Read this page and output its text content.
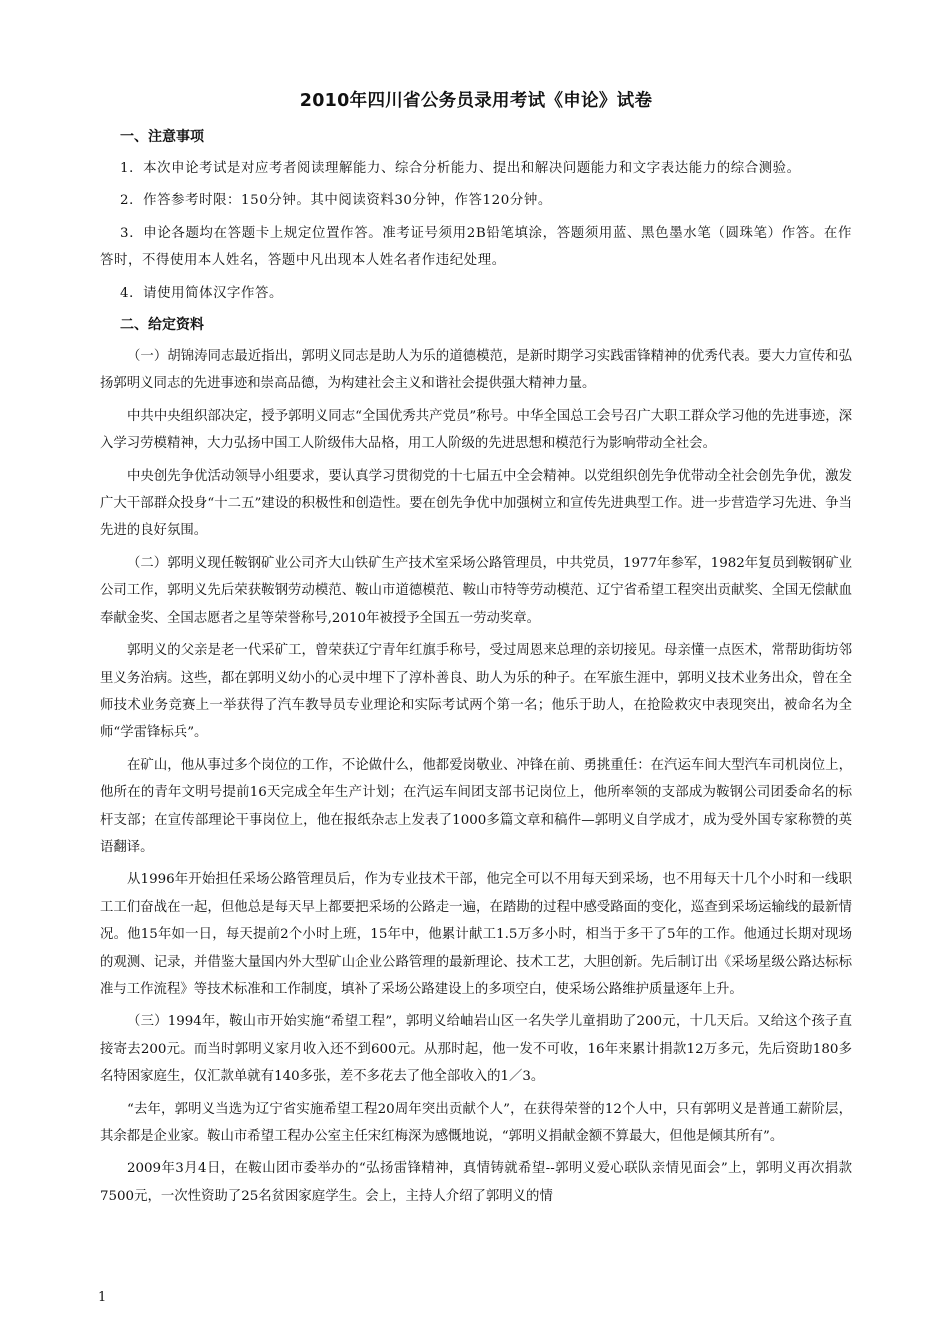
2010年四川省公务员录用考试《申论》试卷
一、注意事项

1．本次申论考试是对应考者阅读理解能力、综合分析能力、提出和解决问题能力和文字表达能力的综合测验。

2．作答参考时限：150分钟。其中阅读资料30分钟，作答120分钟。

3．申论各题均在答题卡上规定位置作答。准考证号须用2B铅笔填涂，答题须用蓝、黑色墨水笔（圆珠笔）作答。在作答时，不得使用本人姓名，答题中凡出现本人姓名者作违纪处理。

4．请使用简体汉字作答。

二、给定资料

（一）胡锦涛同志最近指出，郭明义同志是助人为乐的道德模范，是新时期学习实践雷锋精神的优秀代表。要大力宣传和弘扬郭明义同志的先进事迹和崇高品德，为构建社会主义和谐社会提供强大精神力量。

中共中央组织部决定，授予郭明义同志“全国优秀共产党员”称号。中华全国总工会号召广大职工群众学习他的先进事迹，深入学习劳模精神，大力弘扬中国工人阶级伟大品格，用工人阶级的先进思想和模范行为影响带动全社会。

中央创先争优活动领导小组要求，要认真学习贯彻党的十七届五中全会精神。以党组织创先争优带动全社会创先争优，激发广大干部群众投身“十二五”建设的积极性和创造性。要在创先争优中加强树立和宣传先进典型工作。进一步营造学习先进、争当先进的良好氛围。

（二）郭明义现任鞍钢矿业公司齐大山铁矿生产技术室采场公路管理员，中共党员，1977年参军，1982年复员到鞍钢矿业公司工作，郭明义先后荣获鞍钢劳动模范、鞍山市道德模范、鞍山市特等劳动模范、辽宁省希望工程突出贡献奖、全国无偿献血奉献金奖、全国志愿者之星等荣誉称号,2010年被授予全国五一劳动奖章。

郭明义的父亲是老一代采矿工，曾荣获辽宁青年红旗手称号，受过周恩来总理的亲切接见。母亲懂一点医术，常帮助街坊邻里义务治病。这些，都在郭明义幼小的心灵中埋下了淳朴善良、助人为乐的种子。在军旅生涯中，郭明义技术业务出众，曾在全师技术业务竞赛上一举获得了汽车教导员专业理论和实际考试两个第一名；他乐于助人，在抢险救灾中表现突出，被命名为全师“学雷锋标兵”。

在矿山，他从事过多个岗位的工作，不论做什么，他都爱岗敬业、冲锋在前、勇挑重任：在汽运车间大型汽车司机岗位上，他所在的青年文明号提前16天完成全年生产计划；在汽运车间团支部书记岗位上，他所率领的支部成为鞍钢公司团委命名的标杆支部；在宣传部理论干事岗位上，他在报纸杂志上发表了1000多篇文章和稿件—郭明义自学成才，成为受外国专家称赞的英语翻译。

从1996年开始担任采场公路管理员后，作为专业技术干部，他完全可以不用每天到采场，也不用每天十几个小时和一线职工工们奋战在一起，但他总是每天早上都要把采场的公路走一遍，在踏勘的过程中感受路面的变化，巡查到采场运输线的最新情况。他15年如一日，每天提前2个小时上班，15年中，他累计献工1.5万多小时，相当于多干了5年的工作。他通过长期对现场的观测、记录，并借鉴大量国内外大型矿山企业公路管理的最新理论、技术工艺，大胆创新。先后制订出《采场星级公路达标标准与工作流程》等技术标准和工作制度，填补了采场公路建设上的多项空白，使采场公路维护质量逐年上升。

（三）1994年，鞍山市开始实施“希望工程”，郭明义给岫岩山区一名失学儿童捐助了200元，十几天后。又给这个孩子直接寄去200元。而当时郭明义家月收入还不到600元。从那时起，他一发不可收，16年来累计捐款12万多元，先后资助180多名特困家庭生，仅汇款单就有140多张，差不多花去了他全部收入的1／3。

“去年，郭明义当选为辽宁省实施希望工程20周年突出贡献个人”，在获得荣誉的12个人中，只有郭明义是普通工薪阶层，其余都是企业家。鞍山市希望工程办公室主任宋红梅深为感慨地说，“郭明义捐献金额不算最大，但他是倾其所有”。

2009年3月4日，在鞍山团市委举办的“弘扬雷锋精神，真情铸就希望--郭明义爱心联队亲情见面会”上，郭明义再次捐款7500元，一次性资助了25名贫困家庭学生。会上，主持人介绍了郭明义的情

1
